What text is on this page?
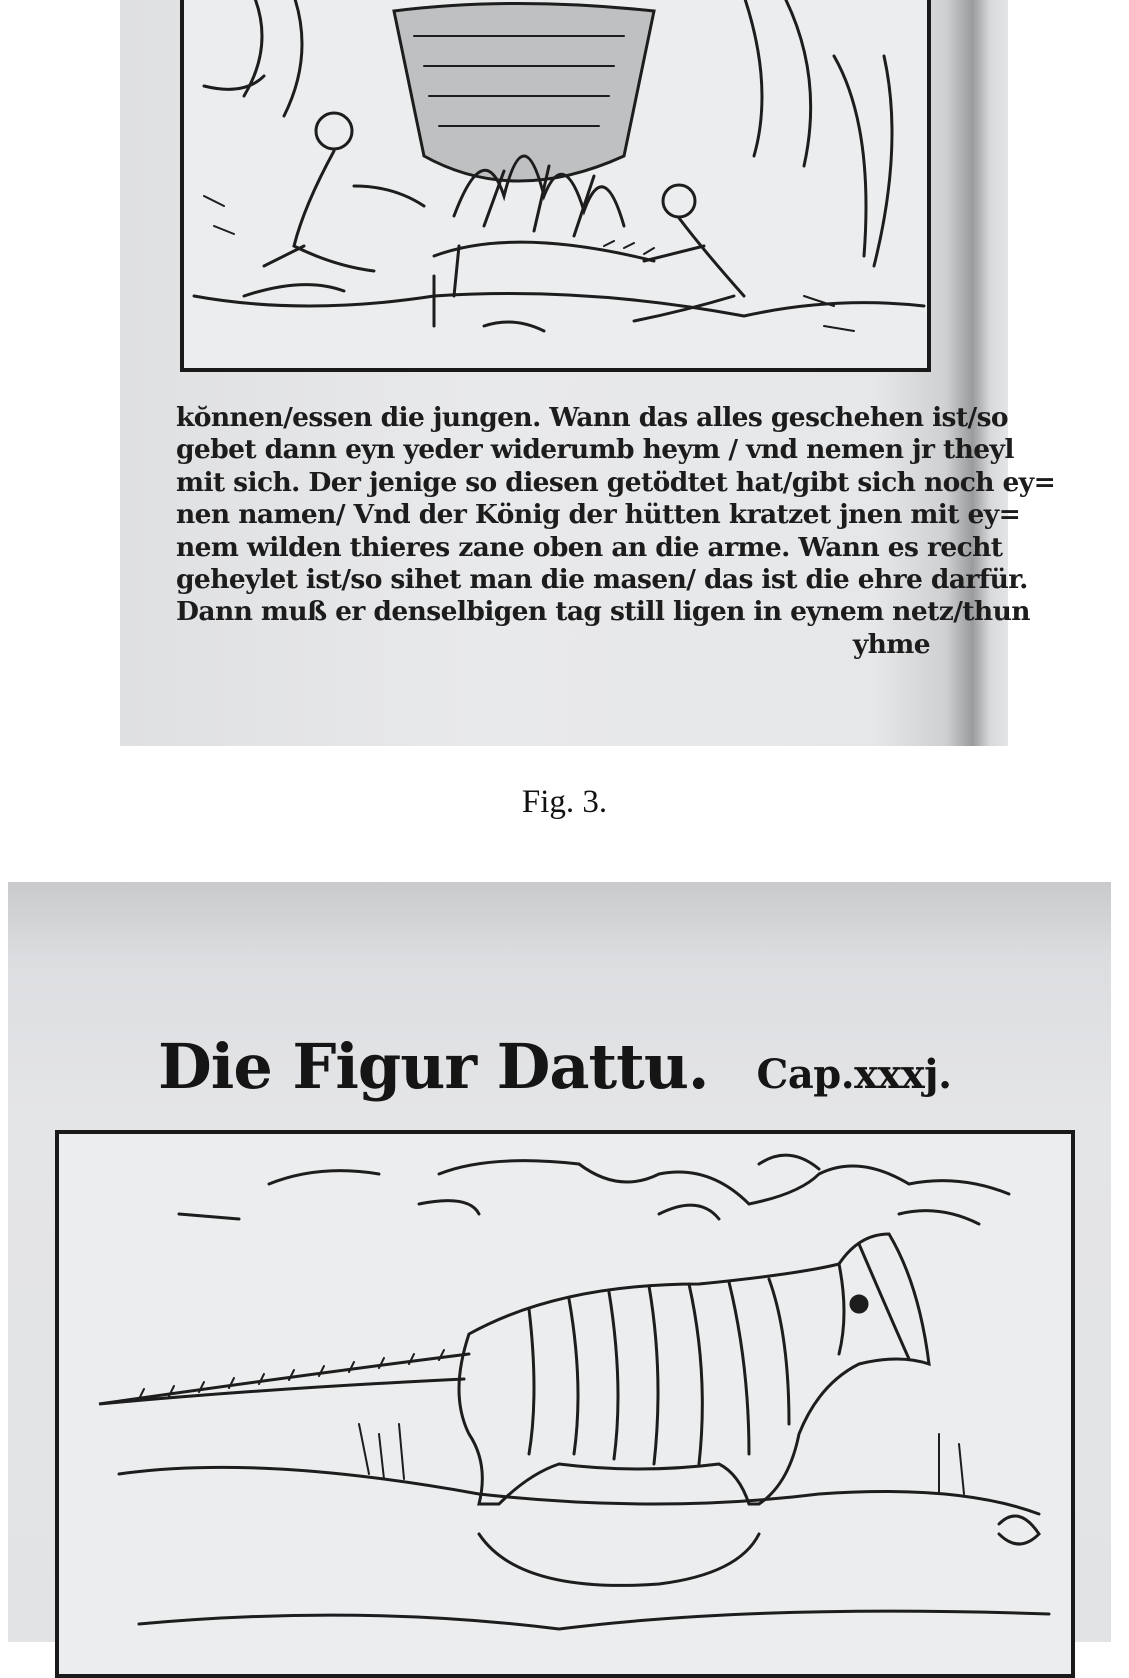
kŏnnen/essen die jungen. Wann das alles geschehen ist/so
gebet dann eyn yeder widerumb heym / vnd nemen jr theyl
mit sich. Der jenige so diesen getödtet hat/gibt sich noch ey=
nen namen/ Vnd der König der hütten kratzet jnen mit ey=
nem wilden thieres zane oben an die arme. Wann es recht
geheylet ist/so sihet man die masen/ das ist die ehre darfür.
Dann muß er denselbigen tag still ligen in eynem netz/thun
yhme
Fig. 3.
Die Figur Dattu. Cap.xxxj.
